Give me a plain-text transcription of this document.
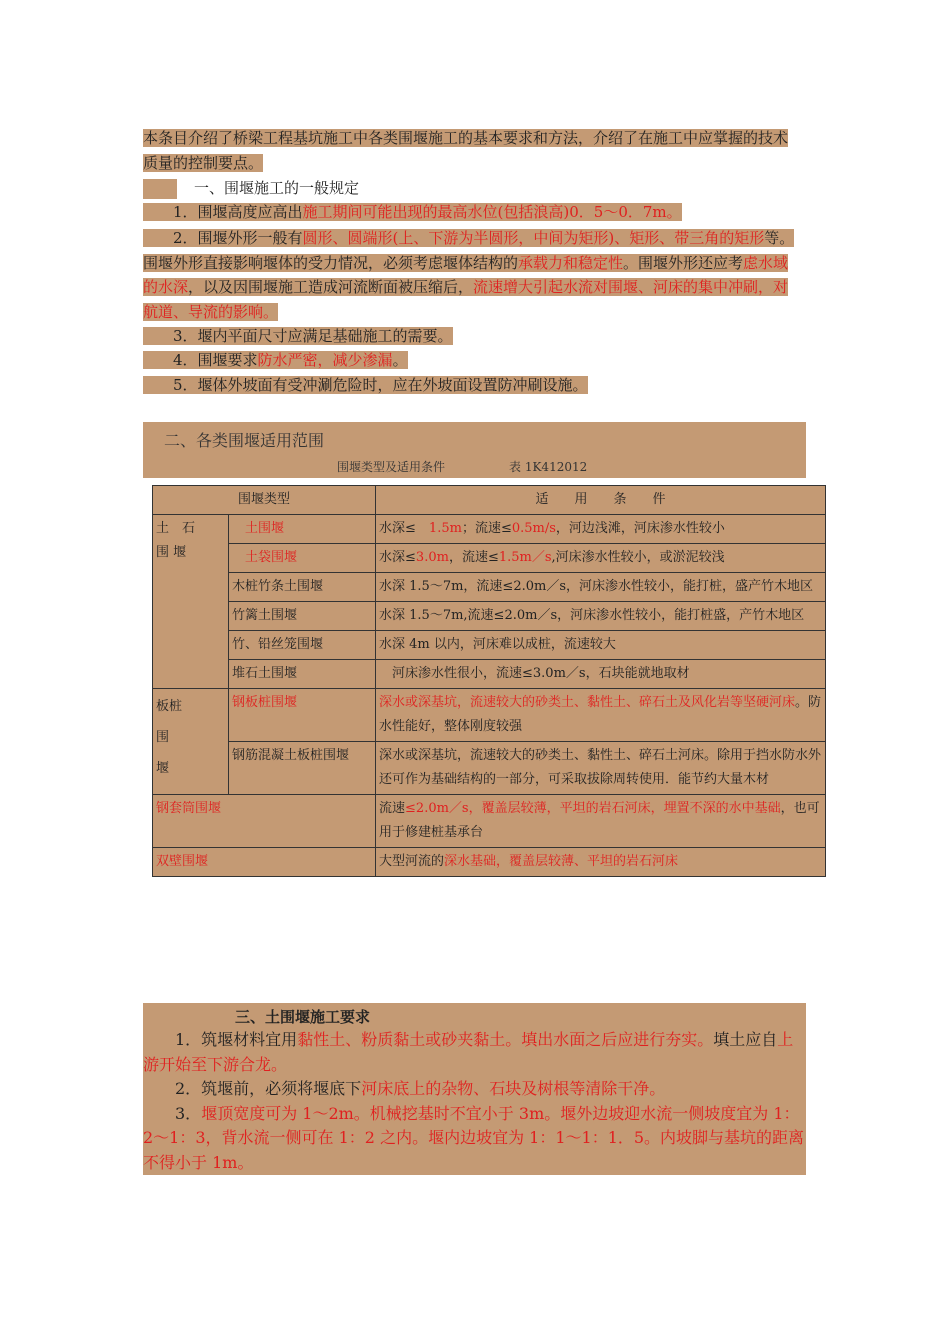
本条目介绍了桥梁工程基坑施工中各类围堰施工的基本要求和方法，介绍了在施工中应掌握的技术质量的控制要点。
一、围堰施工的一般规定
　　1．围堰高度应高出施工期间可能出现的最高水位(包括浪高)0．5～0．7m。
　　2．围堰外形一般有圆形、圆端形(上、下游为半圆形，中间为矩形)、矩形、带三角的矩形等。围堰外形直接影响堰体的受力情况，必须考虑堰体结构的承载力和稳定性。围堰外形还应考虑水域的水深，以及因围堰施工造成河流断面被压缩后，流速增大引起水流对围堰、河床的集中冲刷，对航道、导流的影响。
　　3．堰内平面尺寸应满足基础施工的需要。
　　4．围堰要求防水严密，减少渗漏。
　　5．堰体外坡面有受冲涮危险时，应在外坡面设置防冲刷设施。
二、各类围堰适用范围
围堰类型及适用条件	表 1K412012
围堰类型		适　　用　　条　　件
土　石
围 堰	　土围堰	水深≤　1.5m；流速≤0.5m/s，河边浅滩，河床渗水性较小
	　土袋围堰	水深≤3.0m，流速≤1.5m／s,河床渗水性较小，或淤泥较浅
	木桩竹条土围堰	水深 1.5～7m，流速≤2.0m／s，河床渗水性较小，能打桩，盛产竹木地区
	竹篱土围堰	水深 1.5～7m,流速≤2.0m／s，河床渗水性较小，能打桩盛，产竹木地区
	竹、铅丝笼围堰	水深 4m 以内，河床难以成桩，流速较大
	堆石土围堰	　河床渗水性很小，流速≤3.0m／s，石块能就地取材
板桩
围
堰	钢板桩围堰	深水或深基坑，流速较大的砂类土、黏性土、碎石土及风化岩等坚硬河床。防水性能好，整体刚度较强
	钢筋混凝土板桩围堰	深水或深基坑，流速较大的砂类土、黏性土、碎石土河床。除用于挡水防水外还可作为基础结构的一部分，可采取拔除周转使用．能节约大量木材
钢套筒围堰		流速≤2.0m／s，覆盖层较薄，平坦的岩石河床，埋置不深的水中基础，也可用于修建桩基承台
双壁围堰		大型河流的深水基础，覆盖层较薄、平坦的岩石河床
三、土围堰施工要求
　　1．筑堰材料宜用黏性土、粉质黏土或砂夹黏土。填出水面之后应进行夯实。填土应自上游开始至下游合龙。
　　2．筑堰前，必须将堰底下河床底上的杂物、石块及树根等清除干净。
　　3．堰顶宽度可为 1～2m。机械挖基时不宜小于 3m。堰外边坡迎水流一侧坡度宜为 1：2～1：3，背水流一侧可在 1：2 之内。堰内边坡宜为 1：1～1：1．5。内坡脚与基坑的距离不得小于 1m。
